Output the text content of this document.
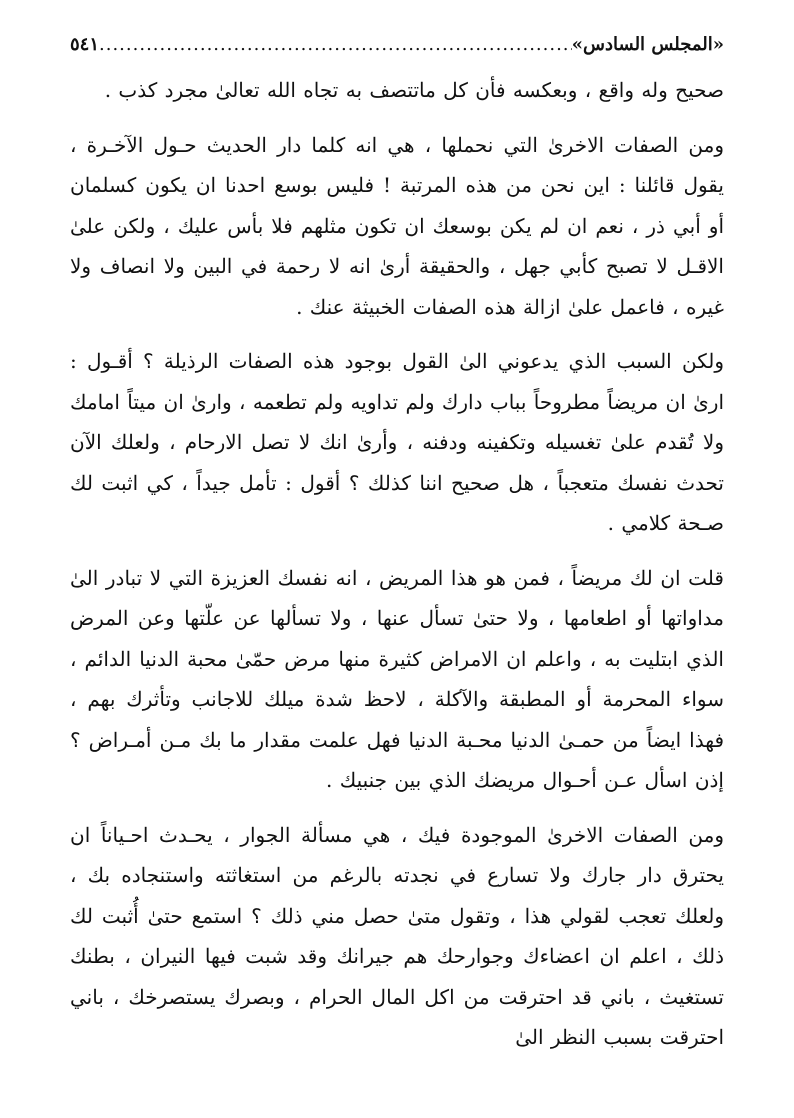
٥٤١ .....	«المجلس السادس»

صحيح وله واقع ، وبعكسه فأن كل ماتتصف به تجاه الله تعالىٰ مجرد كذب .

ومن الصفات الاخرىٰ التي نحملها ، هي انه كلما دار الحديث حـول الآخـرة ، يقول قائلنا : اين نحن من هذه المرتبة ! فليس بوسع احدنا ان يكون كسلمان أو أبي ذر ، نعم ان لم يكن بوسعك ان تكون مثلهم فلا بأس عليك ، ولكن علىٰ الاقـل لا تصبح كأبي جهل ، والحقيقة أرىٰ انه لا رحمة في البين ولا انصاف ولا غيره ، فاعمل علىٰ ازالة هذه الصفات الخبيثة عنك .

ولكن السبب الذي يدعوني الىٰ القول بوجود هذه الصفات الرذيلة ؟ أقـول : ارىٰ ان مريضاً مطروحاً بباب دارك ولم تداويه ولم تطعمه ، وارىٰ ان ميتاً امامك ولا تُقدم علىٰ تغسيله وتكفينه ودفنه ، وأرىٰ انك لا تصل الارحام ، ولعلك الآن تحدث نفسك متعجباً ، هل صحيح اننا كذلك ؟ أقول : تأمل جيداً ، كي اثبت لك صـحة كلامي .

قلت ان لك مريضاً ، فمن هو هذا المريض ، انه نفسك العزيزة التي لا تبادر الىٰ مداواتها أو اطعامها ، ولا حتىٰ تسأل عنها ، ولا تسألها عن علّتها وعن المرض الذي ابتليت به ، واعلم ان الامراض كثيرة منها مرض حمّىٰ محبة الدنيا الدائم ، سواء المحرمة أو المطبقة والآكلة ، لاحظ شدة ميلك للاجانب وتأثرك بهم ، فهذا ايضاً من حمـىٰ الدنيا محـبة الدنيا فهل علمت مقدار ما بك مـن أمـراض ؟ إذن اسأل عـن أحـوال مريضك الذي بين جنبيك .

ومن الصفات الاخرىٰ الموجودة فيك ، هي مسألة الجوار ، يحـدث احـياناً ان يحترق دار جارك ولا تسارع في نجدته بالرغم من استغاثته واستنجاده بك ، ولعلك تعجب لقولي هذا ، وتقول متىٰ حصل مني ذلك ؟ استمع حتىٰ أُثبت لك ذلك ، اعلم ان اعضاءك وجوارحك هم جيرانك وقد شبت فيها النيران ، بطنك تستغيث ، باني قد احترقت من اكل المال الحرام ، وبصرك يستصرخك ، باني احترقت بسبب النظر الىٰ
